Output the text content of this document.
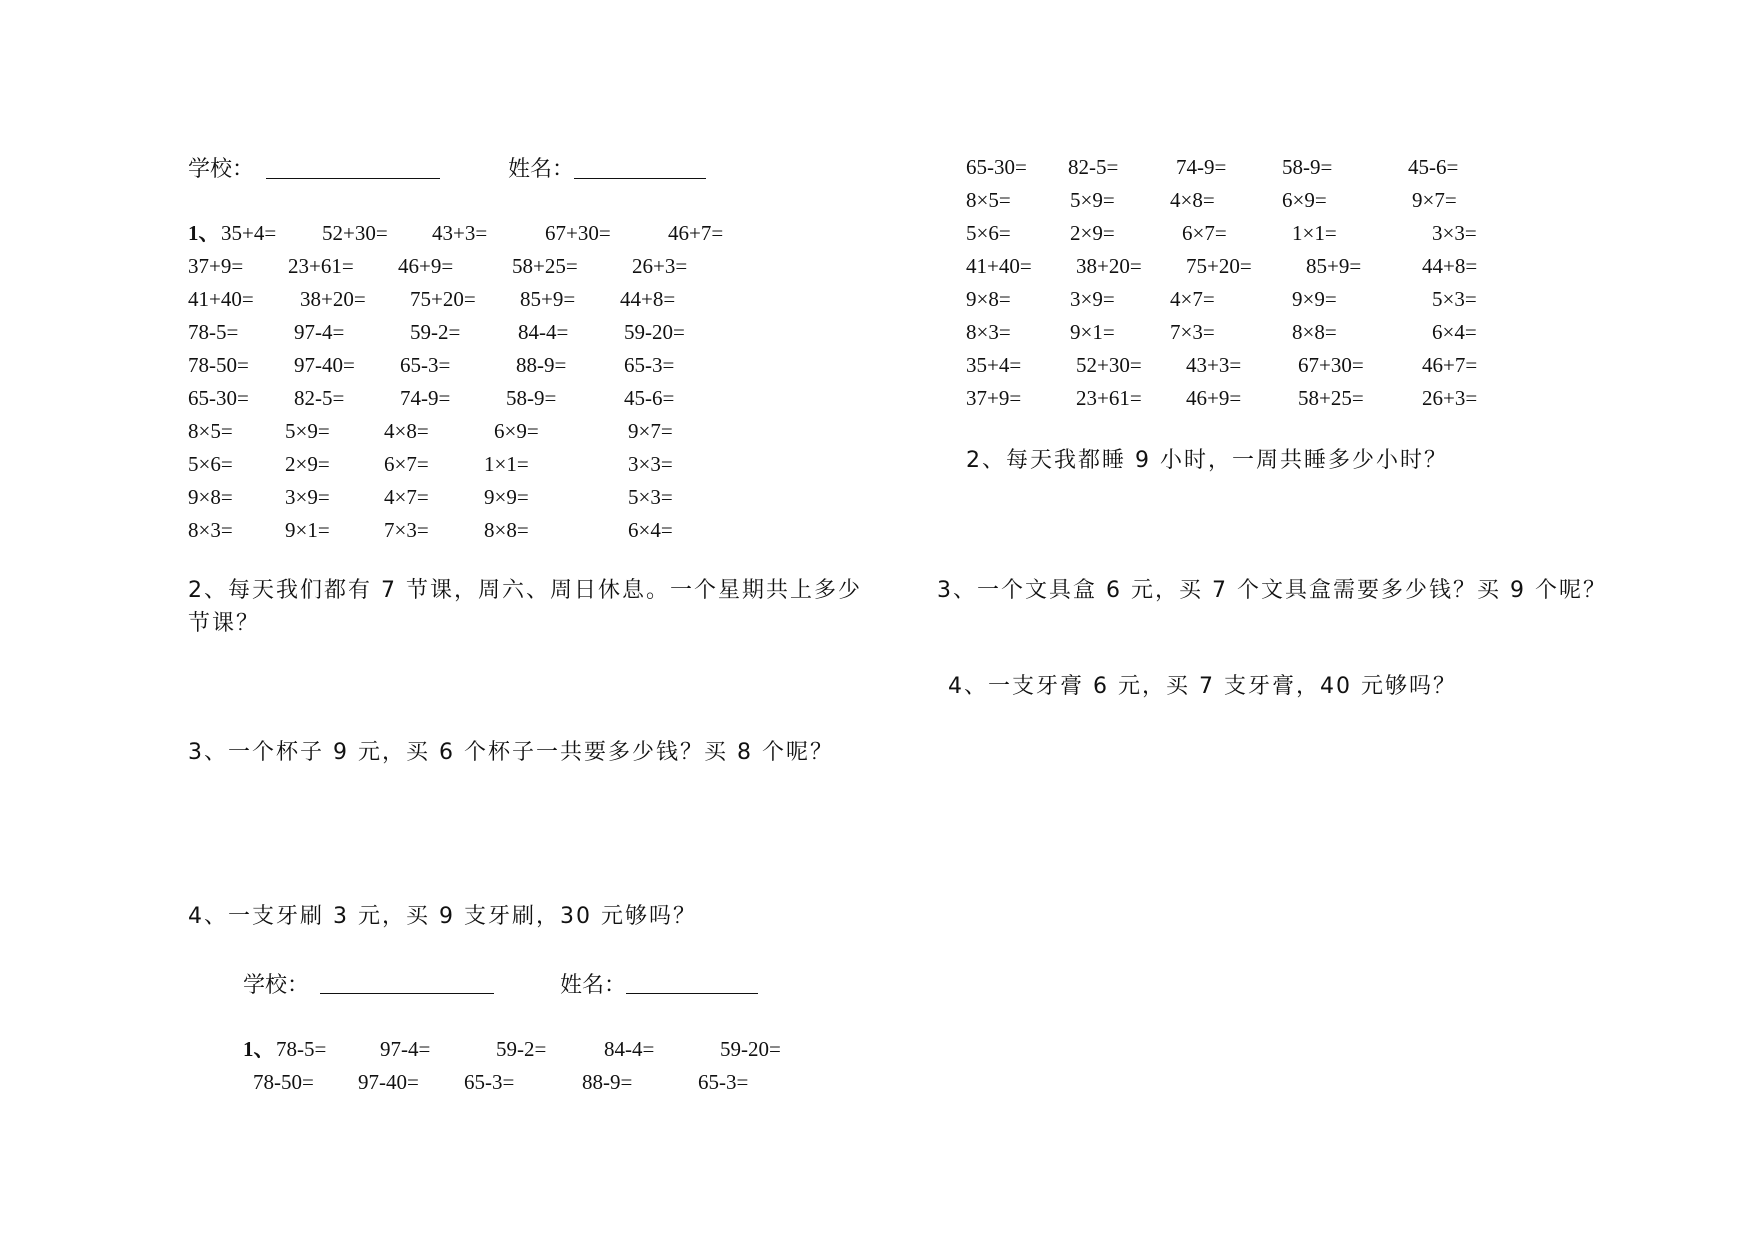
学校：	姓名：
1、 35+4= 52+30= 43+3=	67+30=	46+7=
37+9= 23+61= 46+9=	58+25=	26+3=
41+40= 38+20= 75+20= 85+9= 44+8=
78-5=	97-4=	59-2=	84-4=	59-20=
78-50= 97-40= 65-3=	88-9=	65-3=
65-30= 82-5=	74-9=	58-9=	45-6=
8×5= 5×9=	4×8=	6×9=	9×7=
5×6= 2×9=	6×7=	1×1=	3×3=
9×8= 3×9=	4×7=	9×9=	5×3=
8×3= 9×1=	7×3=	8×8=	6×4=
2、每天我们都有 7 节课，周六、周日休息。一个星期共上多少节课？
3、一个杯子 9 元，买 6 个杯子一共要多少钱？买 8 个呢？
4、一支牙刷 3 元，买 9 支牙刷，30 元够吗？
学校：	姓名：
1、 78-5=	97-4=	59-2=	84-4=	59-20=
78-50= 97-40= 65-3=	88-9=	65-3=
65-30= 82-5=	74-9=	58-9=	45-6=
8×5=	5×9=	4×8=	6×9=	9×7=
5×6=	2×9=	6×7=	1×1=	3×3=
41+40= 38+20= 75+20=	85+9=	44+8=
9×8=	3×9=	4×7=	9×9=	5×3=
8×3=	9×1=	7×3=	8×8=	6×4=
35+4=	52+30= 43+3=	67+30=	46+7=
37+9=	23+61= 46+9=	58+25=	26+3=
2、每天我都睡 9 小时，一周共睡多少小时？
3、一个文具盒 6 元，买 7 个文具盒需要多少钱？买 9 个呢？
4、一支牙膏 6 元，买 7 支牙膏，40 元够吗？
